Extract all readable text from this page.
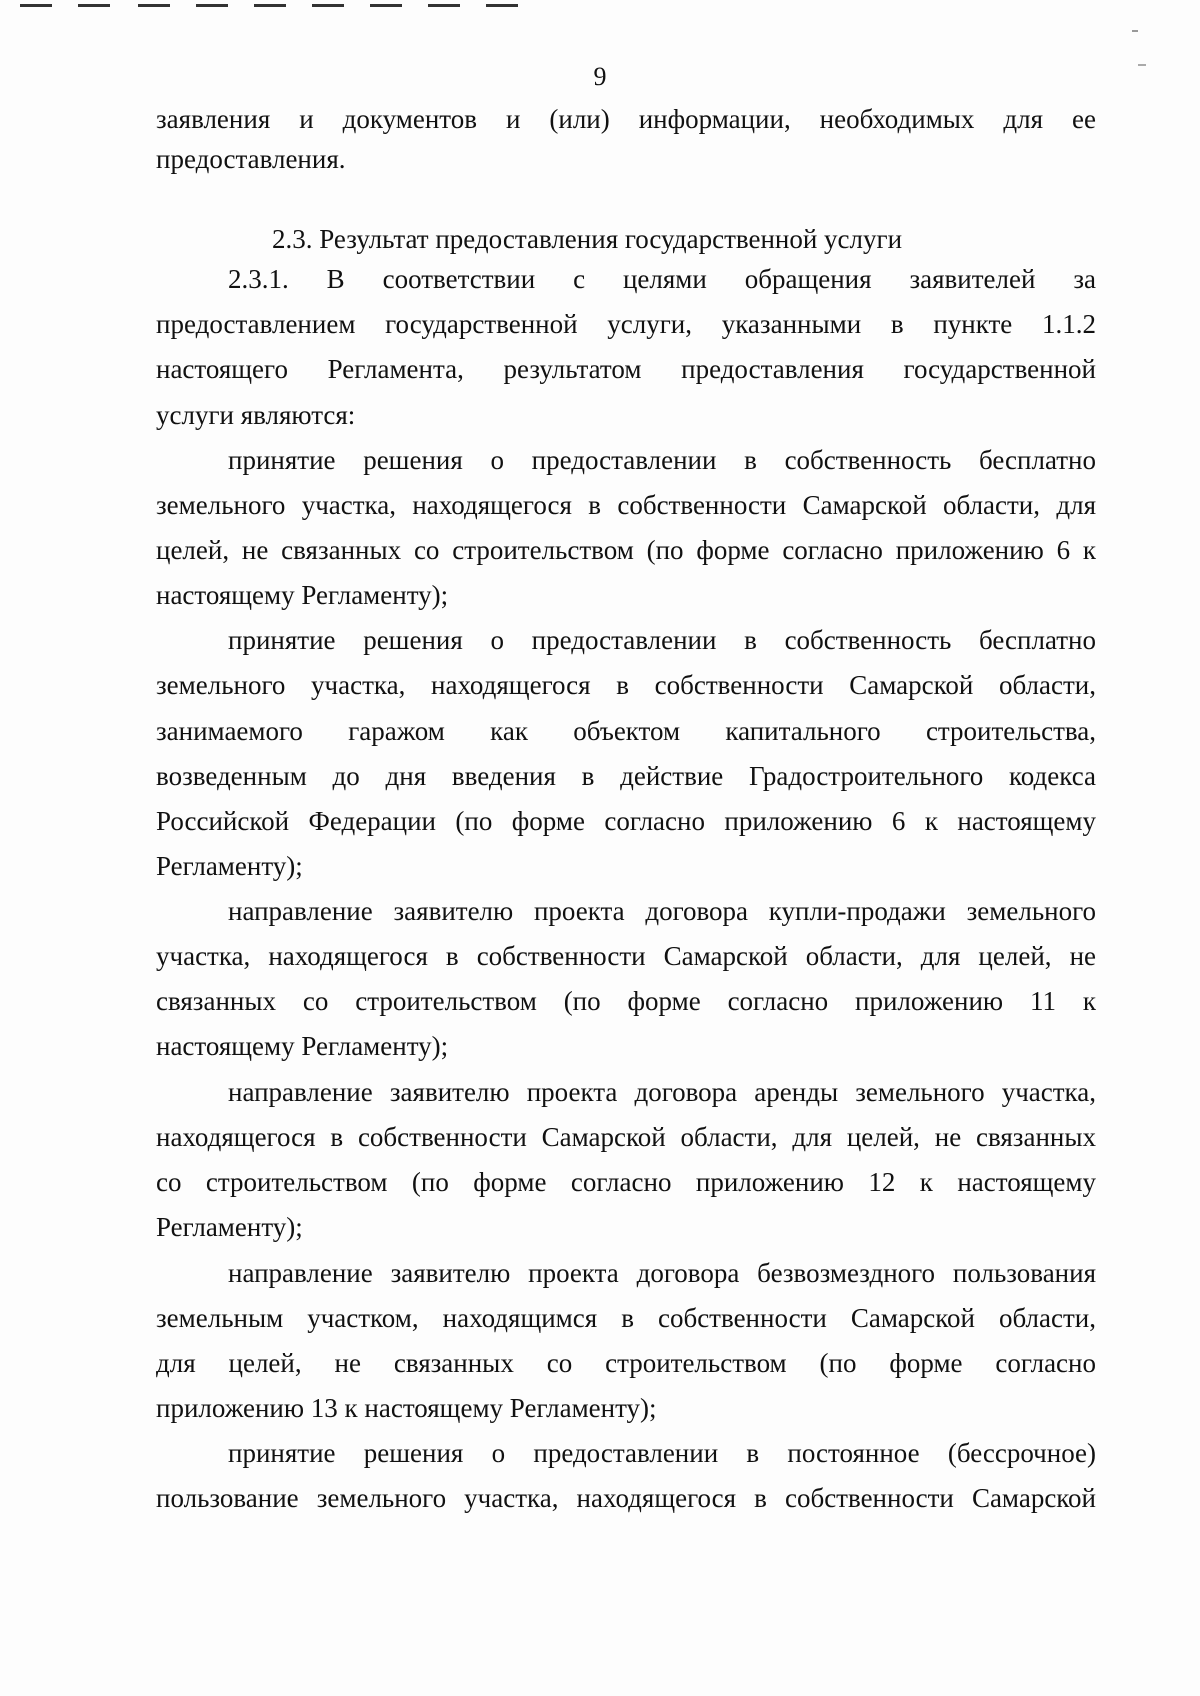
9
2.3. Результат предоставления государственной услуги
заявления и документов и (или) информации, необходимых для ее
предоставления.
2.3.1. В соответствии с целями обращения заявителей за
предоставлением государственной услуги, указанными в пункте 1.1.2
настоящего Регламента, результатом предоставления государственной
услуги являются:
принятие решения о предоставлении в собственность бесплатно
земельного участка, находящегося в собственности Самарской области, для
целей, не связанных со строительством (по форме согласно приложению 6 к
настоящему Регламенту);
принятие решения о предоставлении в собственность бесплатно
земельного участка, находящегося в собственности Самарской области,
занимаемого гаражом как объектом капитального строительства,
возведенным до дня введения в действие Градостроительного кодекса
Российской Федерации (по форме согласно приложению 6 к настоящему
Регламенту);
направление заявителю проекта договора купли-продажи земельного
участка, находящегося в собственности Самарской области, для целей, не
связанных со строительством (по форме согласно приложению 11 к
настоящему Регламенту);
направление заявителю проекта договора аренды земельного участка,
находящегося в собственности Самарской области, для целей, не связанных
со строительством (по форме согласно приложению 12 к настоящему
Регламенту);
направление заявителю проекта договора безвозмездного пользования
земельным участком, находящимся в собственности Самарской области,
для целей, не связанных со строительством (по форме согласно
приложению 13 к настоящему Регламенту);
принятие решения о предоставлении в постоянное (бессрочное)
пользование земельного участка, находящегося в собственности Самарской
